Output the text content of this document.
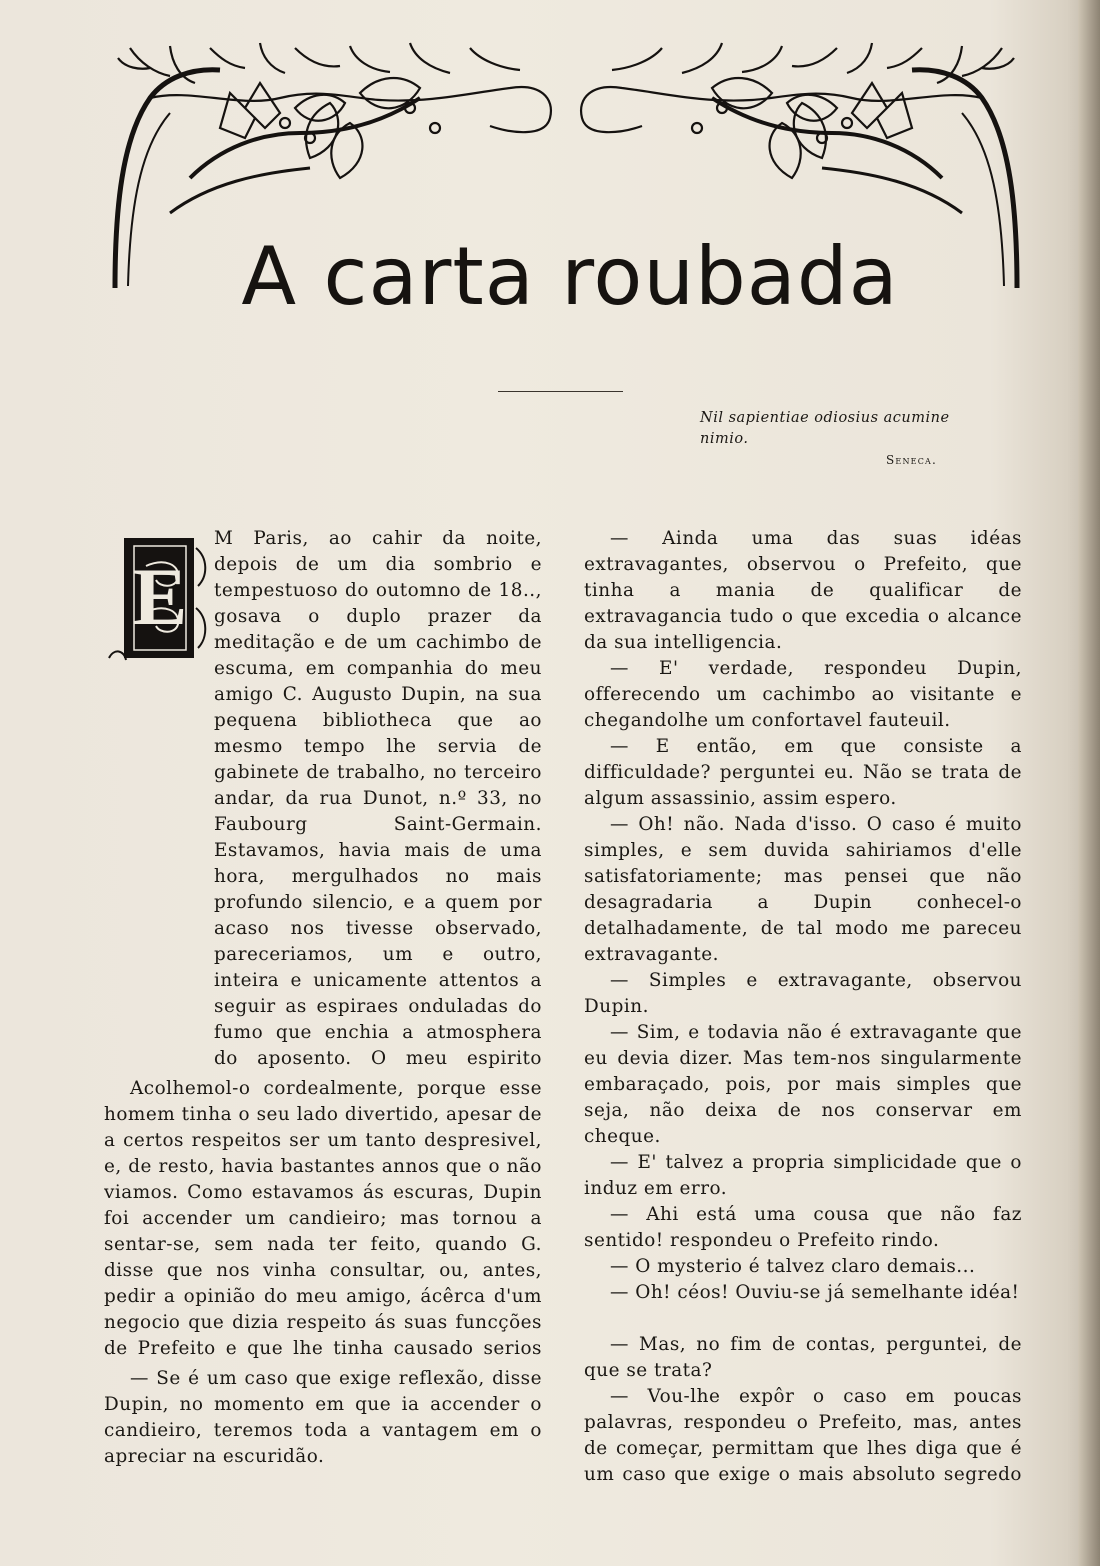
A carta roubada
Nil sapientiae odiosius acumine nimio.
Seneca.
E
M Paris, ao cahir da noite, depois de um dia sombrio e tempestuoso do outomno de 18.., gosava o duplo prazer da meditação e de um cachimbo de escuma, em companhia do meu amigo C. Augusto Dupin, na sua pequena bibliotheca que ao mesmo tempo lhe servia de gabinete de trabalho, no terceiro andar, da rua Dunot, n.º 33, no Faubourg Saint-Germain. Estavamos, havia mais de uma hora, mergulhados no mais profundo silencio, e a quem por acaso nos tivesse observado, pareceriamos, um e outro, inteira e unicamente attentos a seguir as espiraes onduladas do fumo que enchia a atmosphera do aposento. O meu espirito
Acolhemol-o cordealmente, porque esse homem tinha o seu lado divertido, apesar de a certos respeitos ser um tanto despresivel, e, de resto, havia bastantes annos que o não viamos. Como estavamos ás escuras, Dupin foi accender um candieiro; mas tornou a sentar-se, sem nada ter feito, quando G. disse que nos vinha consultar, ou, antes, pedir a opinião do meu amigo, ácêrca d'um negocio que dizia respeito ás suas funcções de Prefeito e que lhe tinha causado serios
— Se é um caso que exige reflexão, disse Dupin, no momento em que ia accender o candieiro, teremos toda a vantagem em o apreciar na escuridão.
— Ainda uma das suas idéas extravagantes, observou o Prefeito, que tinha a mania de qualificar de extravagancia tudo o que excedia o alcance da sua intelligencia.
— E' verdade, respondeu Dupin, offerecendo um cachimbo ao visitante e chegandolhe um confortavel fauteuil.
— E então, em que consiste a difficuldade? perguntei eu. Não se trata de algum assassinio, assim espero.
— Oh! não. Nada d'isso. O caso é muito simples, e sem duvida sahiriamos d'elle satisfatoriamente; mas pensei que não desagradaria a Dupin conhecel-o detalhadamente, de tal modo me pareceu extravagante.
— Simples e extravagante, observou Dupin.
— Sim, e todavia não é extravagante que eu devia dizer. Mas tem-nos singularmente embaraçado, pois, por mais simples que seja, não deixa de nos conservar em cheque.
— E' talvez a propria simplicidade que o induz em erro.
— Ahi está uma cousa que não faz sentido! respondeu o Prefeito rindo.
— O mysterio é talvez claro demais...
— Oh! céos! Ouviu-se já semelhante idéa!
— Mas, no fim de contas, perguntei, de que se trata?
— Vou-lhe expôr o caso em poucas palavras, respondeu o Prefeito, mas, antes de começar, permittam que lhes diga que é um caso que exige o mais absoluto segredo
